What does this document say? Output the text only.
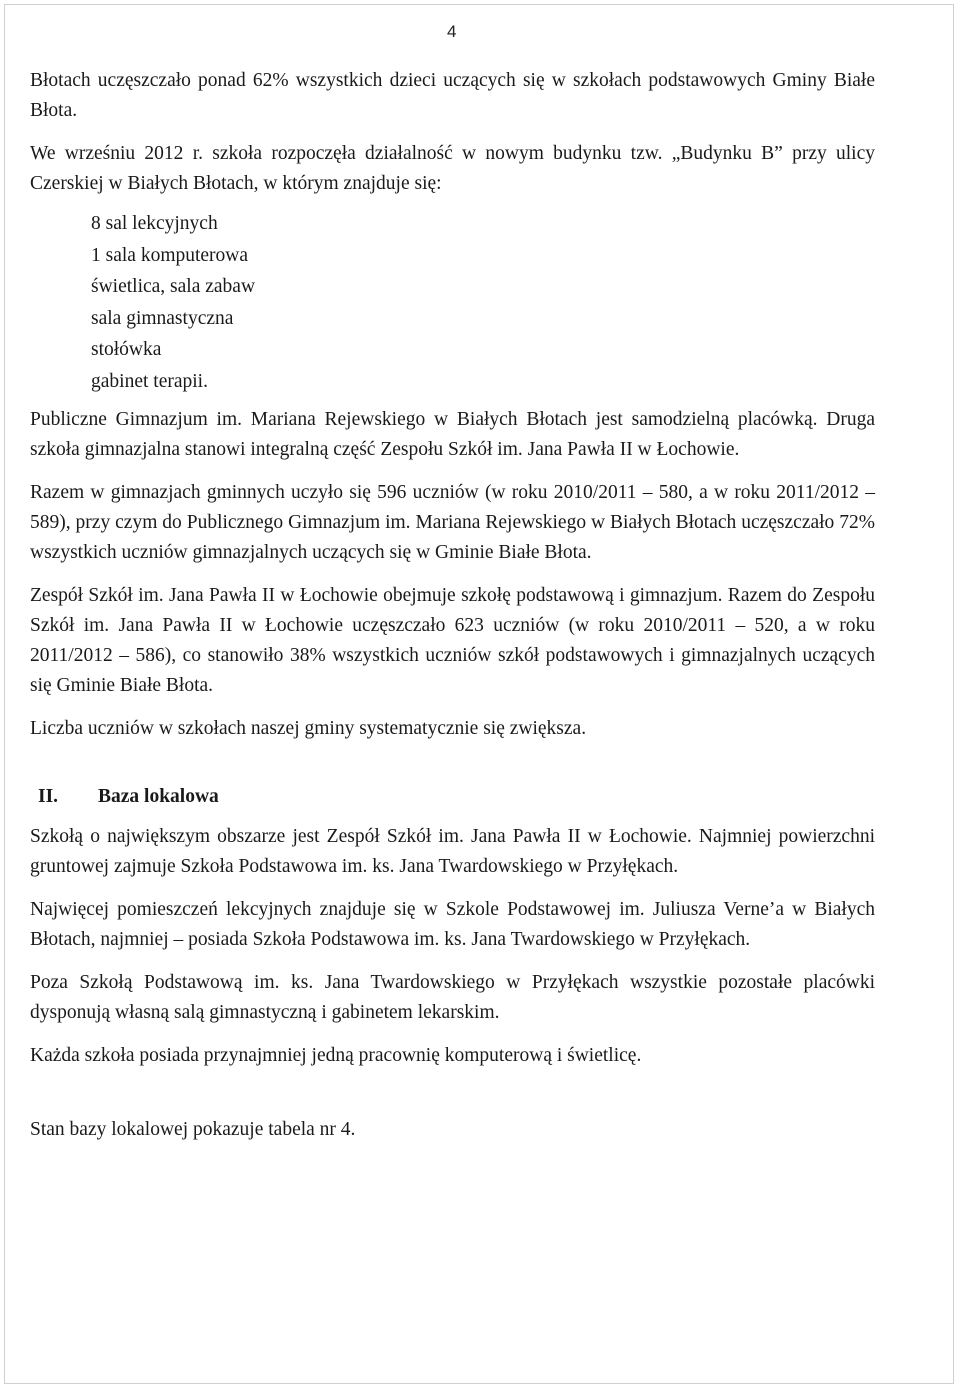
4

Błotach uczęszczało ponad 62% wszystkich dzieci uczących się w szkołach podstawowych Gminy Białe Błota.

We wrześniu 2012 r. szkoła rozpoczęła działalność w nowym budynku tzw. „Budynku B” przy ulicy Czerskiej w Białych Błotach, w którym znajduje się:

8 sal lekcyjnych
1 sala komputerowa
świetlica, sala zabaw
sala gimnastyczna
stołówka
gabinet terapii.

Publiczne Gimnazjum im. Mariana Rejewskiego w Białych Błotach jest samodzielną placówką. Druga szkoła gimnazjalna stanowi integralną część Zespołu Szkół im. Jana Pawła II w Łochowie.

Razem w gimnazjach gminnych uczyło się 596 uczniów (w roku 2010/2011 – 580, a w roku 2011/2012 – 589), przy czym do Publicznego Gimnazjum im. Mariana Rejewskiego w Białych Błotach uczęszczało 72% wszystkich uczniów gimnazjalnych uczących się w Gminie Białe Błota.

Zespół Szkół im. Jana Pawła II w Łochowie obejmuje szkołę podstawową i gimnazjum. Razem do Zespołu Szkół im. Jana Pawła II w Łochowie uczęszczało 623 uczniów (w roku 2010/2011 – 520, a w roku 2011/2012 – 586), co stanowiło 38% wszystkich uczniów szkół podstawowych i gimnazjalnych uczących się Gminie Białe Błota.

Liczba uczniów w szkołach naszej gminy systematycznie się zwiększa.

II.	Baza lokalowa

Szkołą o największym obszarze jest Zespół Szkół im. Jana Pawła II w Łochowie. Najmniej powierzchni gruntowej zajmuje Szkoła Podstawowa im. ks. Jana Twardowskiego w Przyłękach.

Najwięcej pomieszczeń lekcyjnych znajduje się w Szkole Podstawowej im. Juliusza Verne’a w Białych Błotach, najmniej – posiada Szkoła Podstawowa im. ks. Jana Twardowskiego w Przyłękach.

Poza Szkołą Podstawową im. ks. Jana Twardowskiego w Przyłękach wszystkie pozostałe placówki dysponują własną salą gimnastyczną i gabinetem lekarskim.

Każda szkoła posiada przynajmniej jedną pracownię komputerową i świetlicę.

Stan bazy lokalowej pokazuje tabela nr 4.
